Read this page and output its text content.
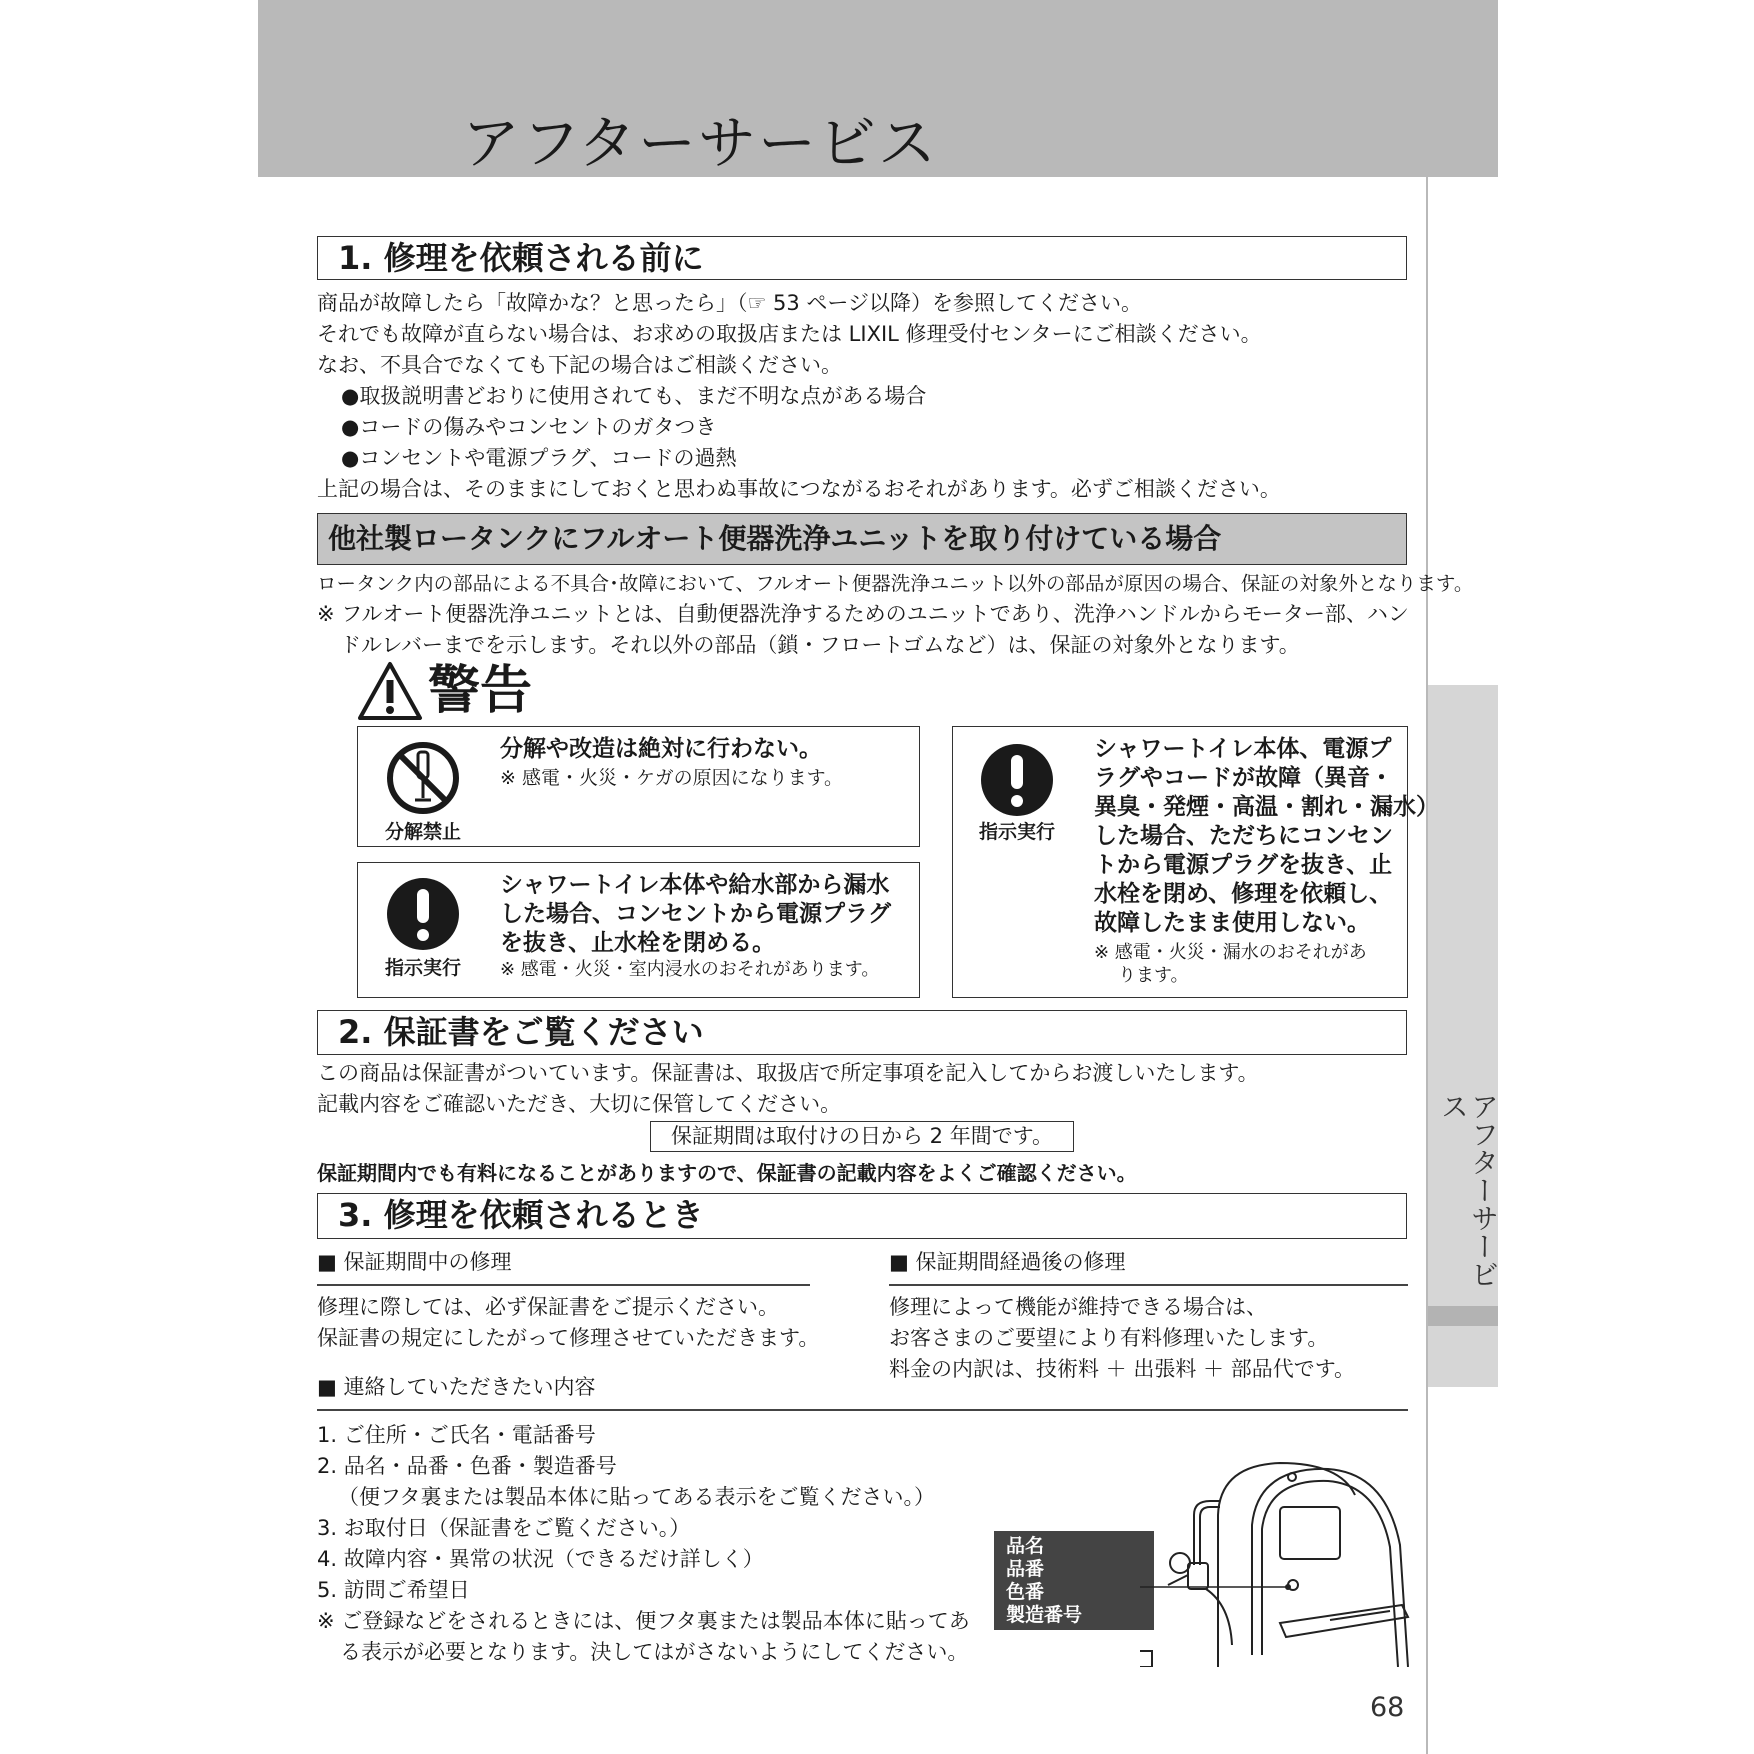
アフターサービス
アフターサービス
1. 修理を依頼される前に
商品が故障したら「故障かな？と思ったら」（☞ 53 ページ以降）を参照してください。
それでも故障が直らない場合は、お求めの取扱店または LIXIL 修理受付センターにご相談ください。
なお、不具合でなくても下記の場合はご相談ください。
●取扱説明書どおりに使用されても、まだ不明な点がある場合
●コードの傷みやコンセントのガタつき
●コンセントや電源プラグ、コードの過熱
上記の場合は、そのままにしておくと思わぬ事故につながるおそれがあります。必ずご相談ください。
他社製ロータンクにフルオート便器洗浄ユニットを取り付けている場合
ロータンク内の部品による不具合･故障において、フルオート便器洗浄ユニット以外の部品が原因の場合、保証の対象外となります。
※ フルオート便器洗浄ユニットとは、自動便器洗浄するためのユニットであり、洗浄ハンドルからモーター部、ハン
ドルレバーまでを示します。それ以外の部品（鎖・フロートゴムなど）は、保証の対象外となります。
警告
分解禁止
分解や改造は絶対に行わない。
※ 感電・火災・ケガの原因になります。
指示実行
シャワートイレ本体や給水部から漏水
した場合、コンセントから電源プラグ
を抜き、止水栓を閉める。
※ 感電・火災・室内浸水のおそれがあります。
指示実行
シャワートイレ本体、電源プ
ラグやコードが故障（異音・
異臭・発煙・高温・割れ・漏水）
した場合、ただちにコンセン
トから電源プラグを抜き、止
水栓を閉め、修理を依頼し、
故障したまま使用しない。
※ 感電・火災・漏水のおそれがあ
ります。
2. 保証書をご覧ください
この商品は保証書がついています。保証書は、取扱店で所定事項を記入してからお渡しいたします。
記載内容をご確認いただき、大切に保管してください。
保証期間は取付けの日から 2 年間です。
保証期間内でも有料になることがありますので、保証書の記載内容をよくご確認ください。
3. 修理を依頼されるとき
■ 保証期間中の修理
修理に際しては、必ず保証書をご提示ください。
保証書の規定にしたがって修理させていただきます。
■ 保証期間経過後の修理
修理によって機能が維持できる場合は、
お客さまのご要望により有料修理いたします。
料金の内訳は、技術料 ＋ 出張料 ＋ 部品代です。
■ 連絡していただきたい内容
1. ご住所・ご氏名・電話番号
2. 品名・品番・色番・製造番号
（便フタ裏または製品本体に貼ってある表示をご覧ください。）
3. お取付日（保証書をご覧ください。）
4. 故障内容・異常の状況（できるだけ詳しく）
5. 訪問ご希望日
※ ご登録などをされるときには、便フタ裏または製品本体に貼ってあ
る表示が必要となります。決してはがさないようにしてください。
品名
品番
色番
製造番号
68
